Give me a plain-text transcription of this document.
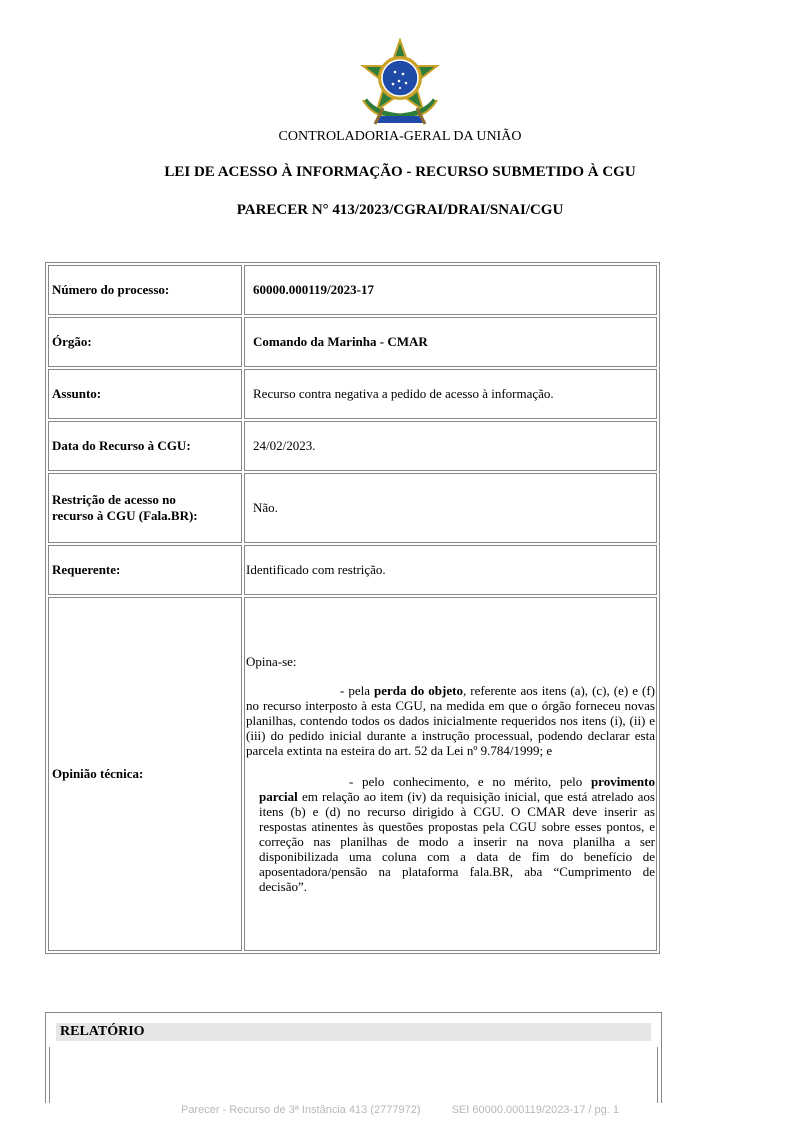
CONTROLADORIA-GERAL DA UNIÃO
LEI DE ACESSO À INFORMAÇÃO - RECURSO SUBMETIDO À CGU
PARECER N° 413/2023/CGRAI/DRAI/SNAI/CGU
Número do processo:	60000.000119/2023-17
Órgão:	Comando da Marinha - CMAR
Assunto:	Recurso contra negativa a pedido de acesso à informação.
Data do Recurso à CGU:	24/02/2023.
Restrição de acesso no
recurso à CGU (Fala.BR):	Não.
Requerente:	Identificado com restrição.
Opinião técnica:	Opina-se:

- pela perda do objeto, referente aos itens (a), (c), (e) e (f) no recurso interposto à esta CGU, na medida em que o órgão forneceu novas planilhas, contendo todos os dados inicialmente requeridos nos itens (i), (ii) e (iii) do pedido inicial durante a instrução processual, podendo declarar esta parcela extinta na esteira do art. 52 da Lei nº 9.784/1999; e

- pelo conhecimento, e no mérito, pelo provimento parcial em relação ao item (iv) da requisição inicial, que está atrelado aos itens (b) e (d) no recurso dirigido à CGU. O CMAR deve inserir as respostas atinentes às questões propostas pela CGU sobre esses pontos, e correção nas planilhas de modo a inserir na nova planilha a ser disponibilizada uma coluna com a data de fim do benefício de aposentadora/pensão na plataforma fala.BR, aba “Cumprimento de decisão”.

RELATÓRIO
Parecer - Recurso de 3ª Instância 413 (2777972)	SEI 60000.000119/2023-17 / pg. 1
